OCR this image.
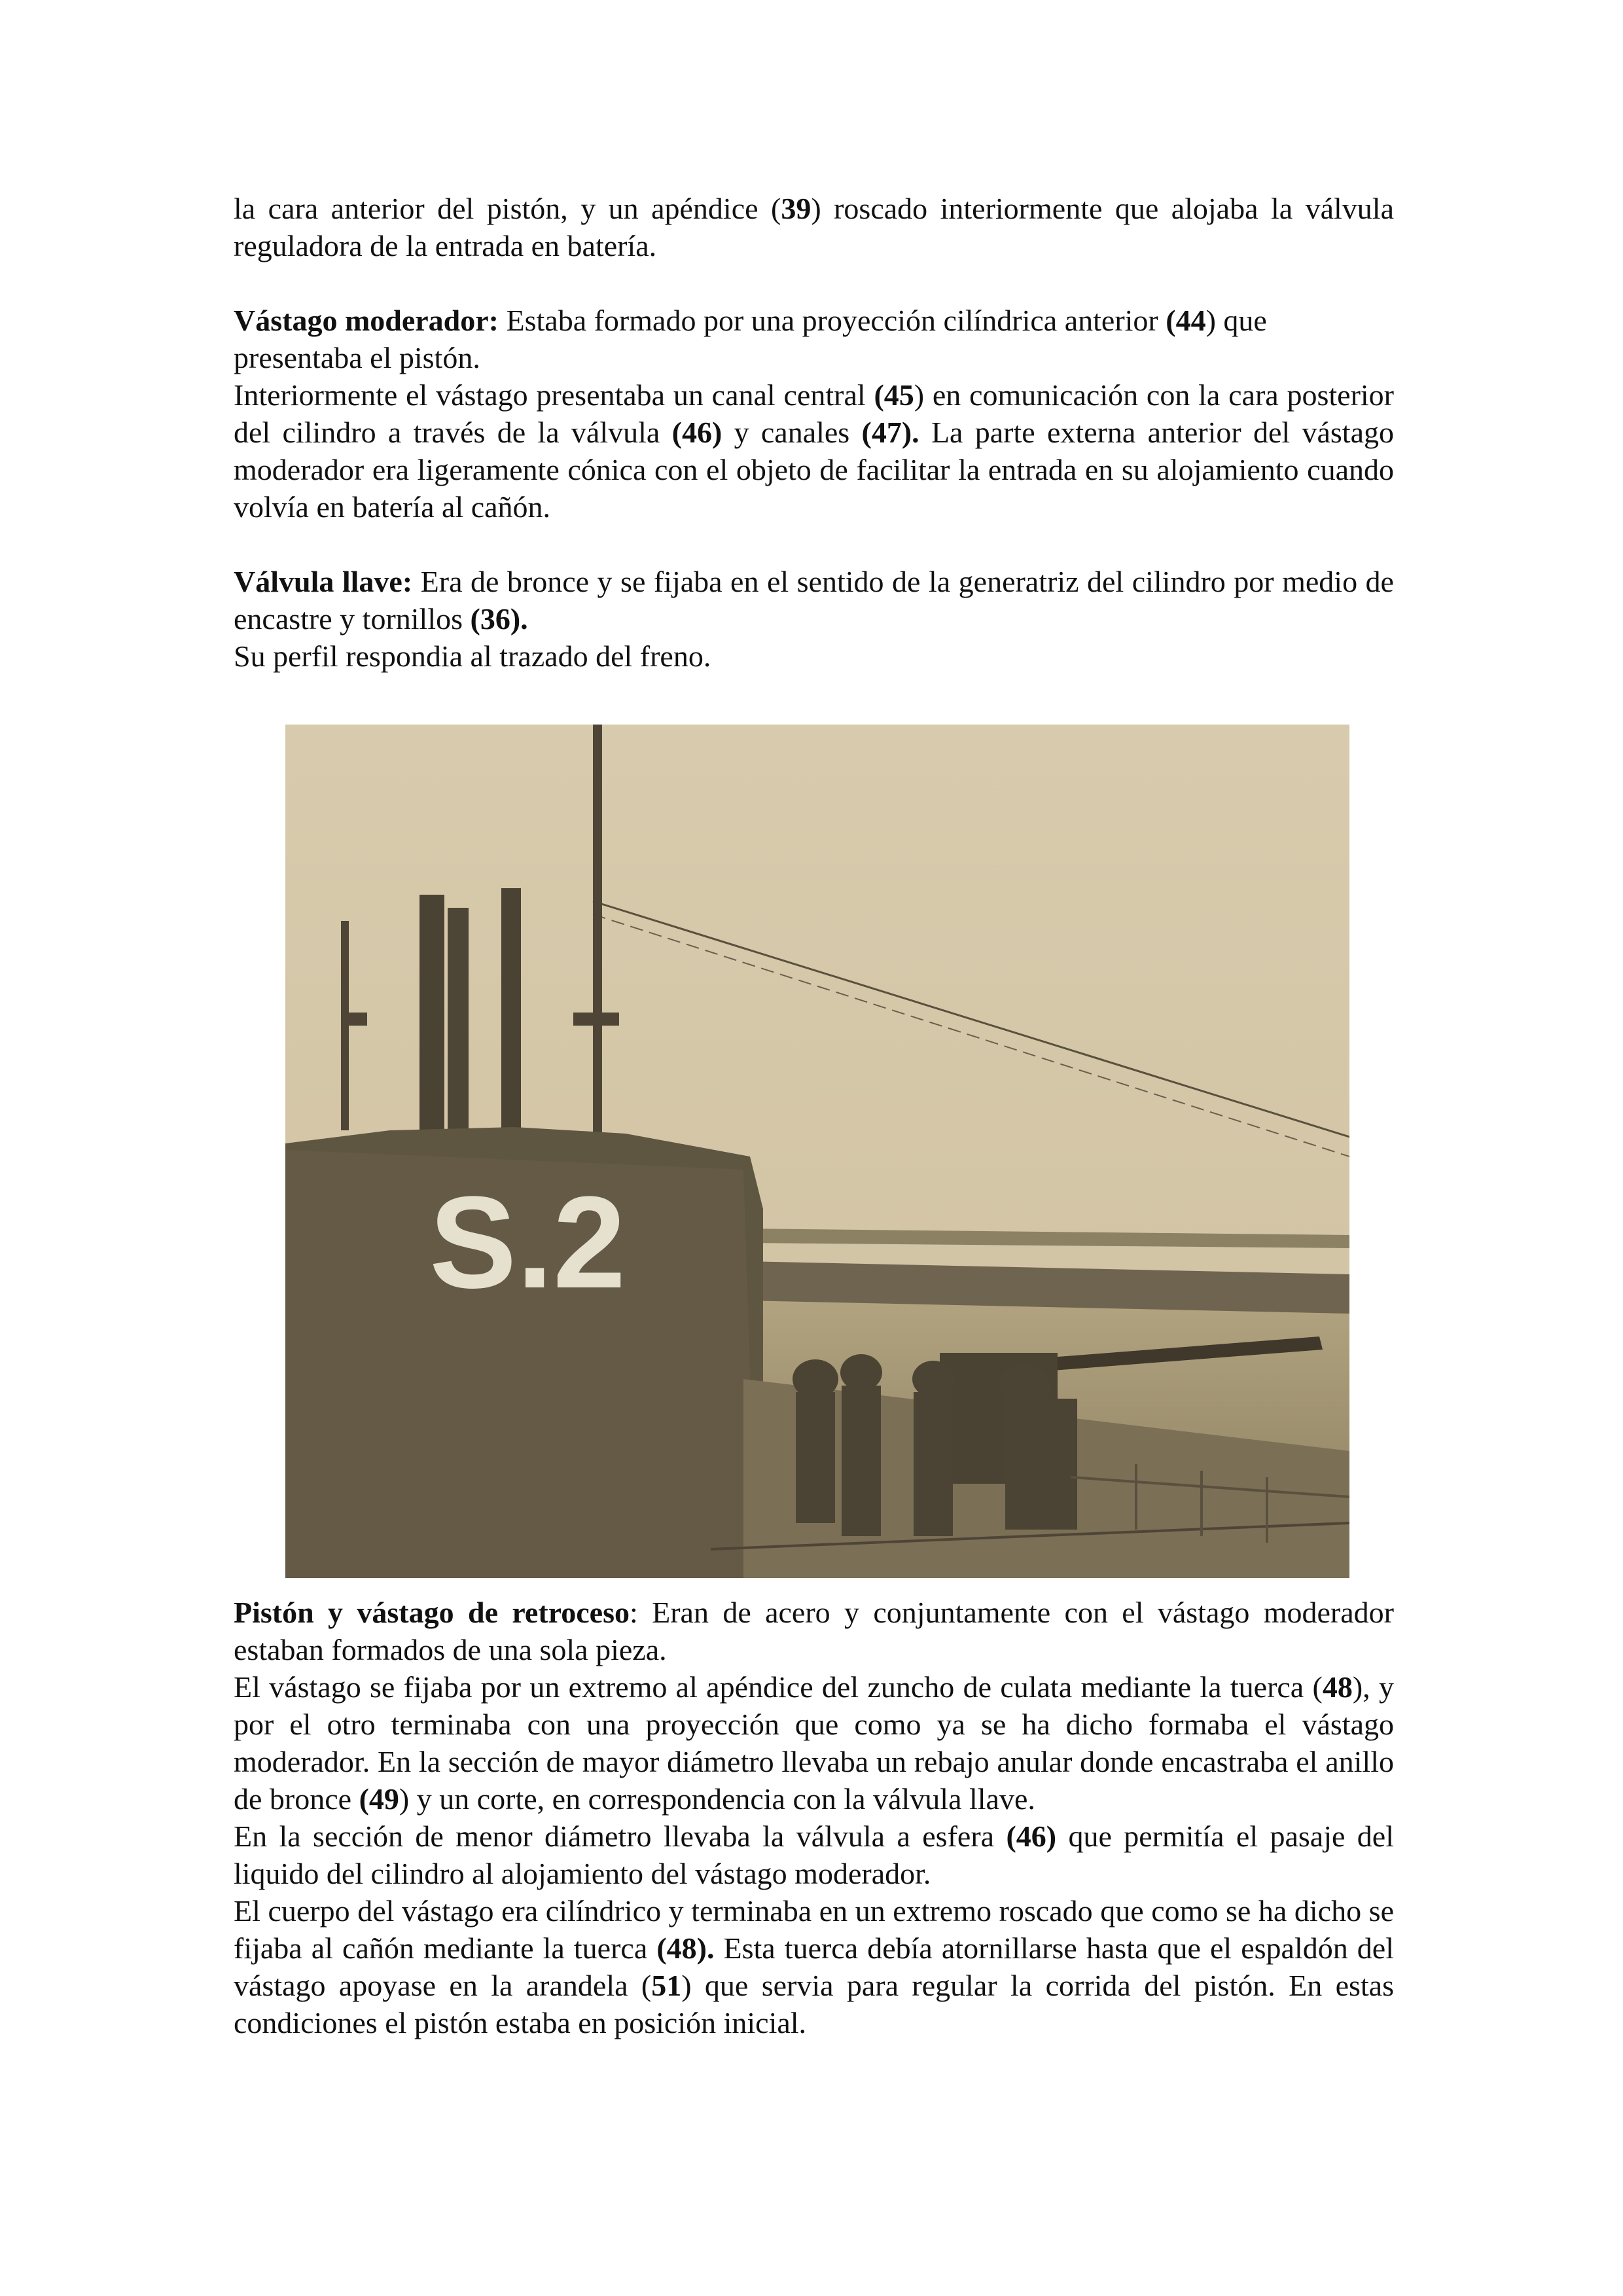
la cara anterior del pistón, y un apéndice (39) roscado interiormente que alojaba la válvula reguladora de la entrada en batería.

Vástago moderador: Estaba formado por una proyección cilíndrica anterior (44) que presentaba el pistón.

Interiormente el vástago presentaba un canal central (45) en comunicación con la cara posterior del cilindro a través de la válvula (46) y canales (47). La parte externa anterior del vástago moderador era ligeramente cónica con el objeto de facilitar la entrada en su alojamiento cuando volvía en batería al cañón.

Válvula llave: Era de bronce y se fijaba en el sentido de la generatriz del cilindro por medio de encastre y tornillos (36).

Su perfil respondia al trazado del freno.

S.2

Pistón y vástago de retroceso: Eran de acero y conjuntamente con el vástago moderador estaban formados de una sola pieza.

El vástago se fijaba por un extremo al apéndice del zuncho de culata mediante la tuerca (48), y por el otro terminaba con una proyección que como ya se ha dicho formaba el vástago moderador. En la sección de mayor diámetro llevaba un rebajo anular donde encastraba el anillo de bronce (49) y un corte, en correspondencia con la válvula llave.

En la sección de menor diámetro llevaba la válvula a esfera (46) que permitía el pasaje del liquido del cilindro al alojamiento del vástago moderador.

El cuerpo del vástago era cilíndrico y terminaba en un extremo roscado que como se ha dicho se fijaba al cañón mediante la tuerca (48). Esta tuerca debía atornillarse hasta que el espaldón del vástago apoyase en la arandela (51) que servia para regular la corrida del pistón. En estas condiciones el pistón estaba en posición inicial.
